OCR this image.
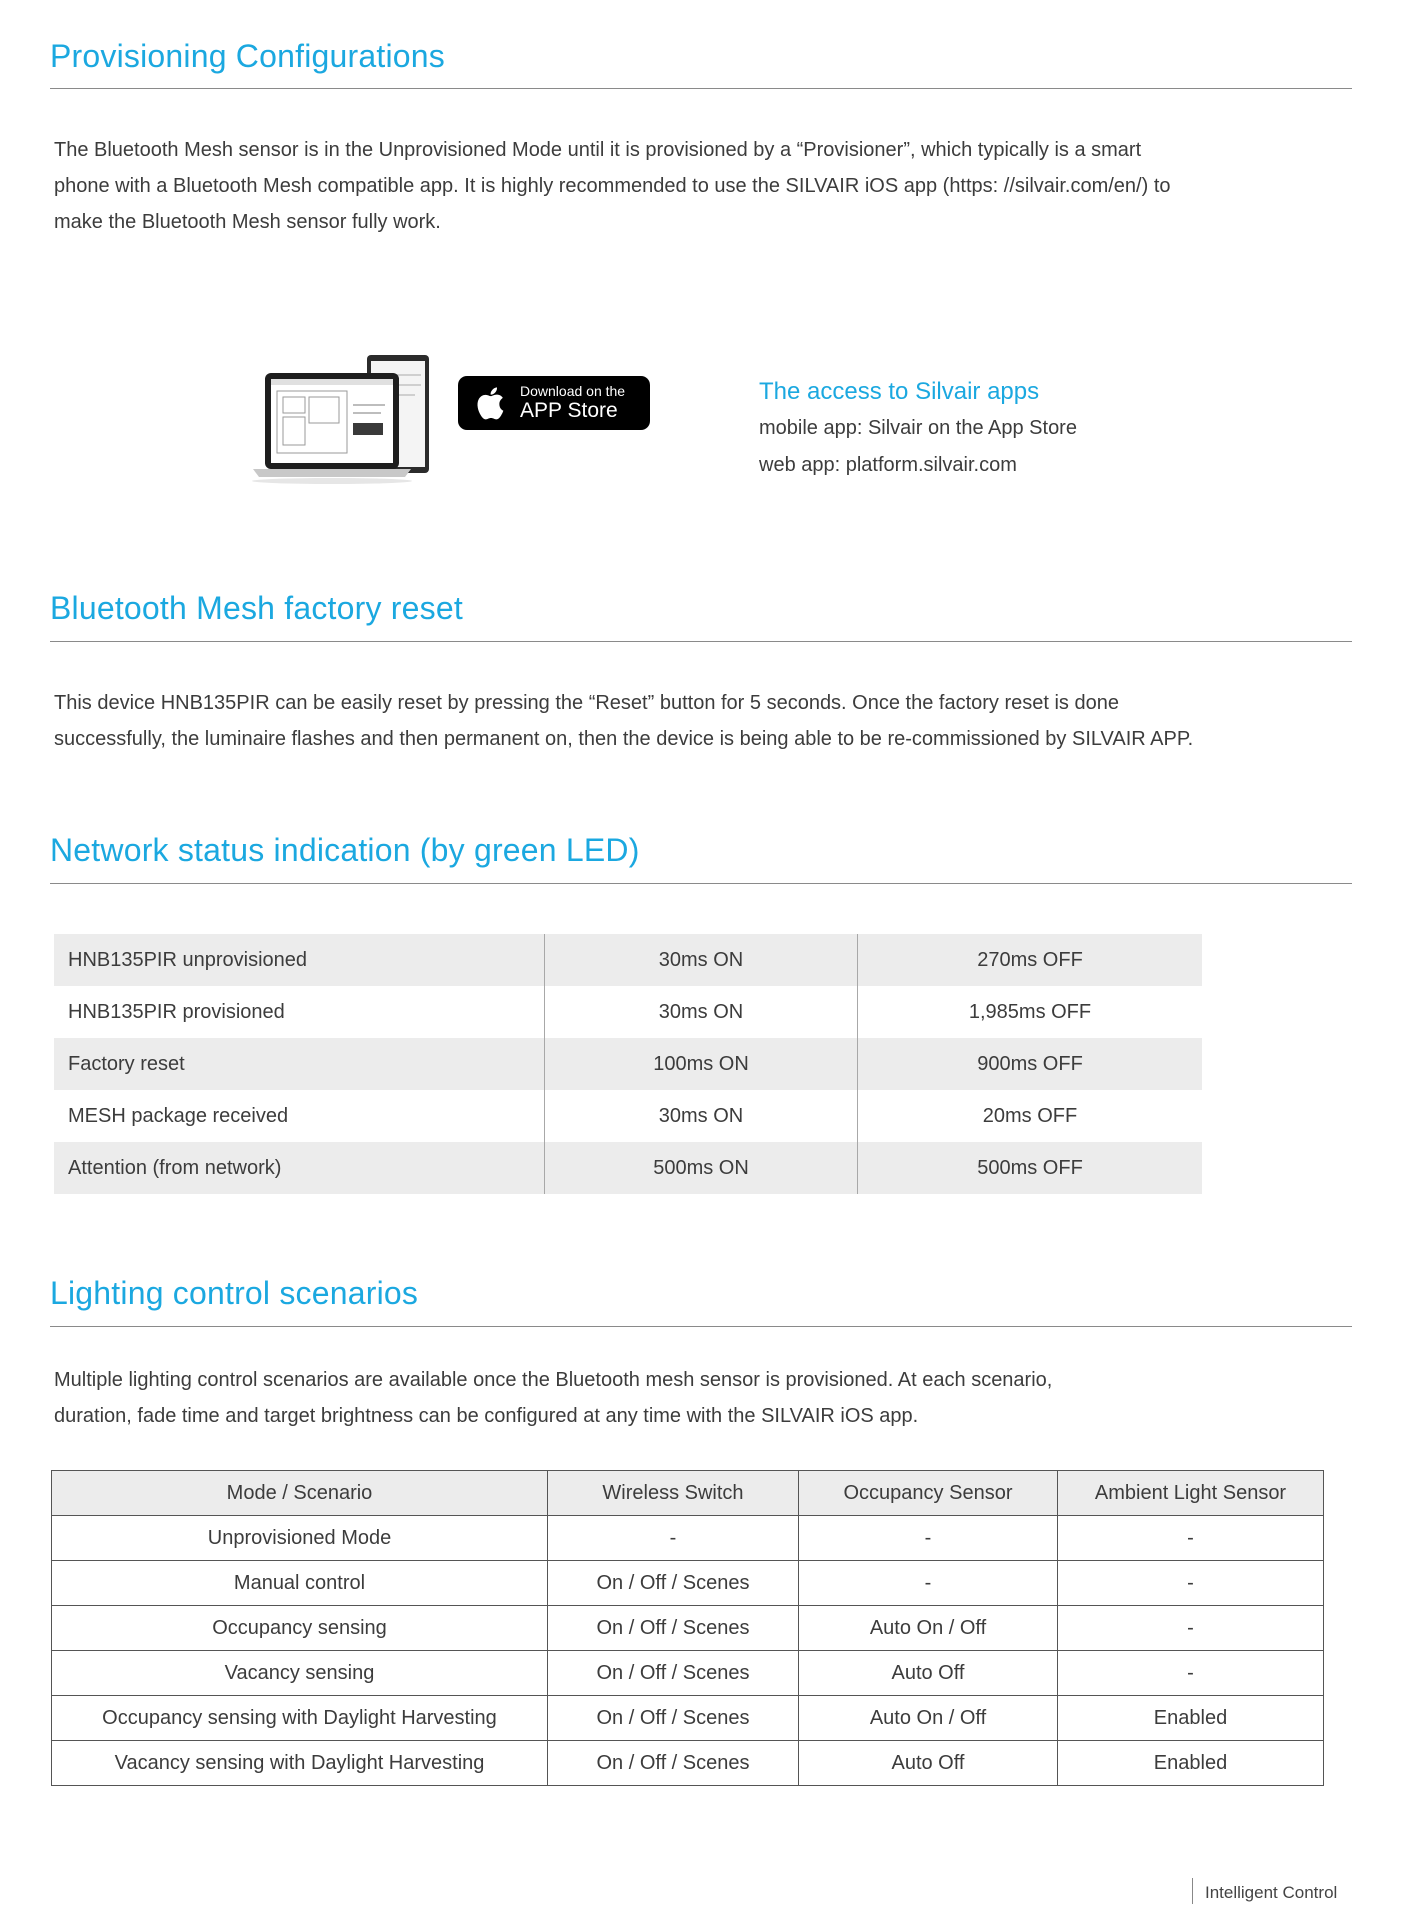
Provisioning Configurations

The Bluetooth Mesh sensor is in the Unprovisioned Mode until it is provisioned by a “Provisioner”, which typically is a smart
phone with a Bluetooth Mesh compatible app. It is highly recommended to use the SILVAIR iOS app (https: //silvair.com/en/) to
make the Bluetooth Mesh sensor fully work.

Download on the
APP Store
The access to Silvair apps
mobile app: Silvair on the App Store
web app: platform.silvair.com
Bluetooth Mesh factory reset

This device HNB135PIR can be easily reset by pressing the “Reset” button for 5 seconds. Once the factory reset is done
successfully, the luminaire flashes and then permanent on, then the device is being able to be re-commissioned by SILVAIR APP.

Network status indication (by green LED)
HNB135PIR unprovisioned	30ms ON	270ms OFF
HNB135PIR provisioned	30ms ON	1,985ms OFF
Factory reset	100ms ON	900ms OFF
MESH package received	30ms ON	20ms OFF
Attention (from network)	500ms ON	500ms OFF
Lighting control scenarios

Multiple lighting control scenarios are available once the Bluetooth mesh sensor is provisioned. At each scenario,
duration, fade time and target brightness can be configured at any time with the SILVAIR iOS app.

Mode / Scenario	Wireless Switch	Occupancy Sensor	Ambient Light Sensor
Unprovisioned Mode	-	-	-
Manual control	On / Off / Scenes	-	-
Occupancy sensing	On / Off / Scenes	Auto On / Off	-
Vacancy sensing	On / Off / Scenes	Auto Off	-
Occupancy sensing with Daylight Harvesting	On / Off / Scenes	Auto On / Off	Enabled
Vacancy sensing with Daylight Harvesting	On / Off / Scenes	Auto Off	Enabled
Intelligent Control
